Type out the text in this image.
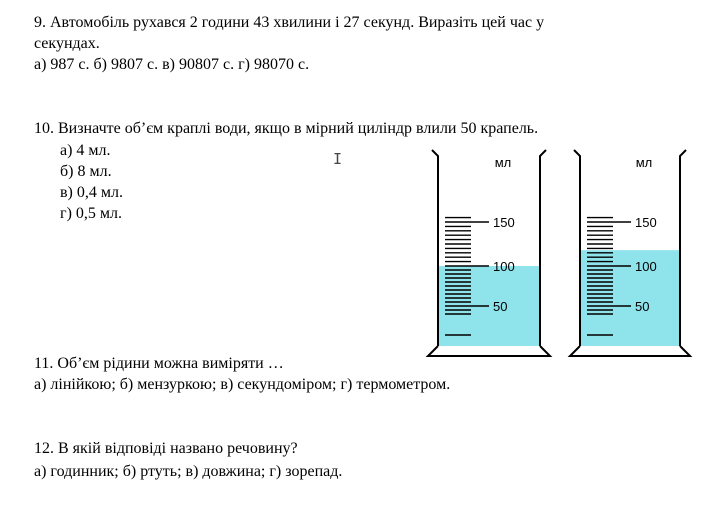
9. Автомобіль рухався 2 години 43 хвилини і 27 секунд. Виразіть цей час у
секундах.
а) 987 с. б) 9807 с. в) 90807 с. г) 98070 с.
10. Визначте об’єм краплі води, якщо в мірний циліндр влили 50 крапель.
а) 4 мл.
б) 8 мл.
в) 0,4 мл.
г) 0,5 мл.
I	мл
150
100
50
мл
150
100
50
11. Об’єм рідини можна виміряти …
а) лінійкою; б) мензуркою; в) секундоміром; г) термометром.
12. В якій відповіді названо речовину?
а) годинник; б) ртуть; в) довжина; г) зорепад.
